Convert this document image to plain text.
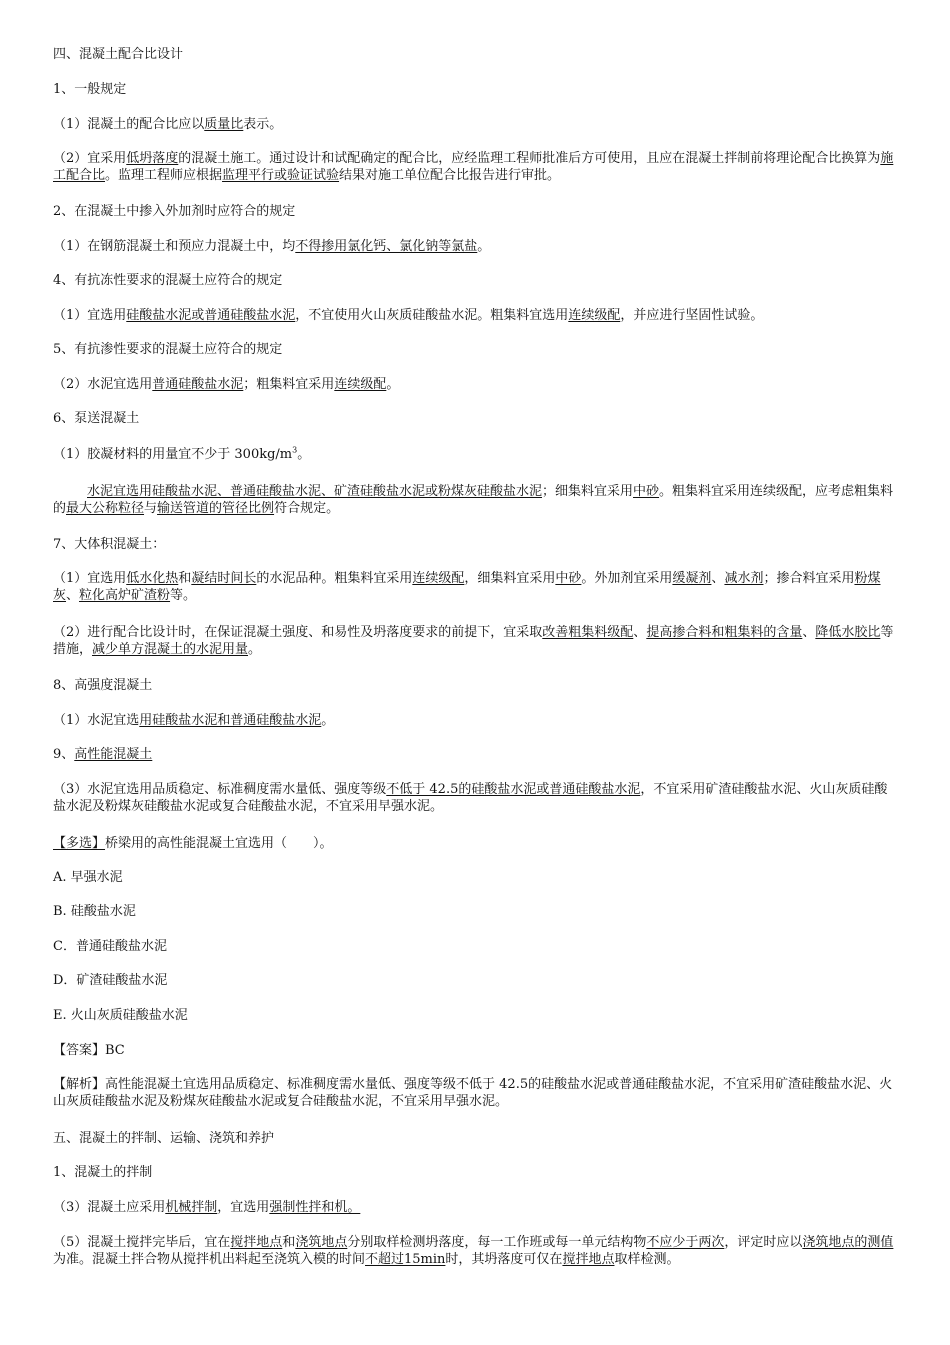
四、混凝土配合比设计
1、一般规定
（1）混凝土的配合比应以质量比表示。
（2）宜采用低坍落度的混凝土施工。通过设计和试配确定的配合比，应经监理工程师批准后方可使用，且应在混凝土拌制前将理论配合比换算为施工配合比。监理工程师应根据监理平行或验证试验结果对施工单位配合比报告进行审批。
2、在混凝土中掺入外加剂时应符合的规定
（1）在钢筋混凝土和预应力混凝土中，均不得掺用氯化钙、氯化钠等氯盐。
4、有抗冻性要求的混凝土应符合的规定
（1）宜选用硅酸盐水泥或普通硅酸盐水泥，不宜使用火山灰质硅酸盐水泥。粗集料宜选用连续级配，并应进行坚固性试验。
5、有抗渗性要求的混凝土应符合的规定
（2）水泥宜选用普通硅酸盐水泥；粗集料宜采用连续级配。
6、泵送混凝土
（1）胶凝材料的用量宜不少于 $300kg/m^3$。
水泥宜选用硅酸盐水泥、普通硅酸盐水泥、矿渣硅酸盐水泥或粉煤灰硅酸盐水泥；细集料宜采用中砂。粗集料宜采用连续级配，应考虑粗集料的最大公称粒径与输送管道的管径比例符合规定。
7、大体积混凝土：
（1）宜选用低水化热和凝结时间长的水泥品种。粗集料宜采用连续级配，细集料宜采用中砂。外加剂宜采用缓凝剂、减水剂；掺合料宜采用粉煤灰、粒化高炉矿渣粉等。
（2）进行配合比设计时，在保证混凝土强度、和易性及坍落度要求的前提下，宜采取改善粗集料级配、提高掺合料和粗集料的含量、降低水胶比等措施，减少单方混凝土的水泥用量。
8、高强度混凝土
（1）水泥宜选用硅酸盐水泥和普通硅酸盐水泥。
9、高性能混凝土
（3）水泥宜选用品质稳定、标准稠度需水量低、强度等级不低于 42.5的硅酸盐水泥或普通硅酸盐水泥，不宜采用矿渣硅酸盐水泥、火山灰质硅酸盐水泥及粉煤灰硅酸盐水泥或复合硅酸盐水泥，不宜采用早强水泥。
【多选】桥梁用的高性能混凝土宜选用（　　）。
A. 早强水泥
B. 硅酸盐水泥
C．普通硅酸盐水泥
D．矿渣硅酸盐水泥
E. 火山灰质硅酸盐水泥
【答案】BC
【解析】高性能混凝土宜选用品质稳定、标准稠度需水量低、强度等级不低于 42.5的硅酸盐水泥或普通硅酸盐水泥，不宜采用矿渣硅酸盐水泥、火山灰质硅酸盐水泥及粉煤灰硅酸盐水泥或复合硅酸盐水泥，不宜采用早强水泥。
五、混凝土的拌制、运输、浇筑和养护
1、混凝土的拌制
（3）混凝土应采用机械拌制，宜选用强制性拌和机。
（5）混凝土搅拌完毕后，宜在搅拌地点和浇筑地点分别取样检测坍落度，每一工作班或每一单元结构物不应少于两次，评定时应以浇筑地点的测值为准。混凝土拌合物从搅拌机出料起至浇筑入模的时间不超过15min时，其坍落度可仅在搅拌地点取样检测。
